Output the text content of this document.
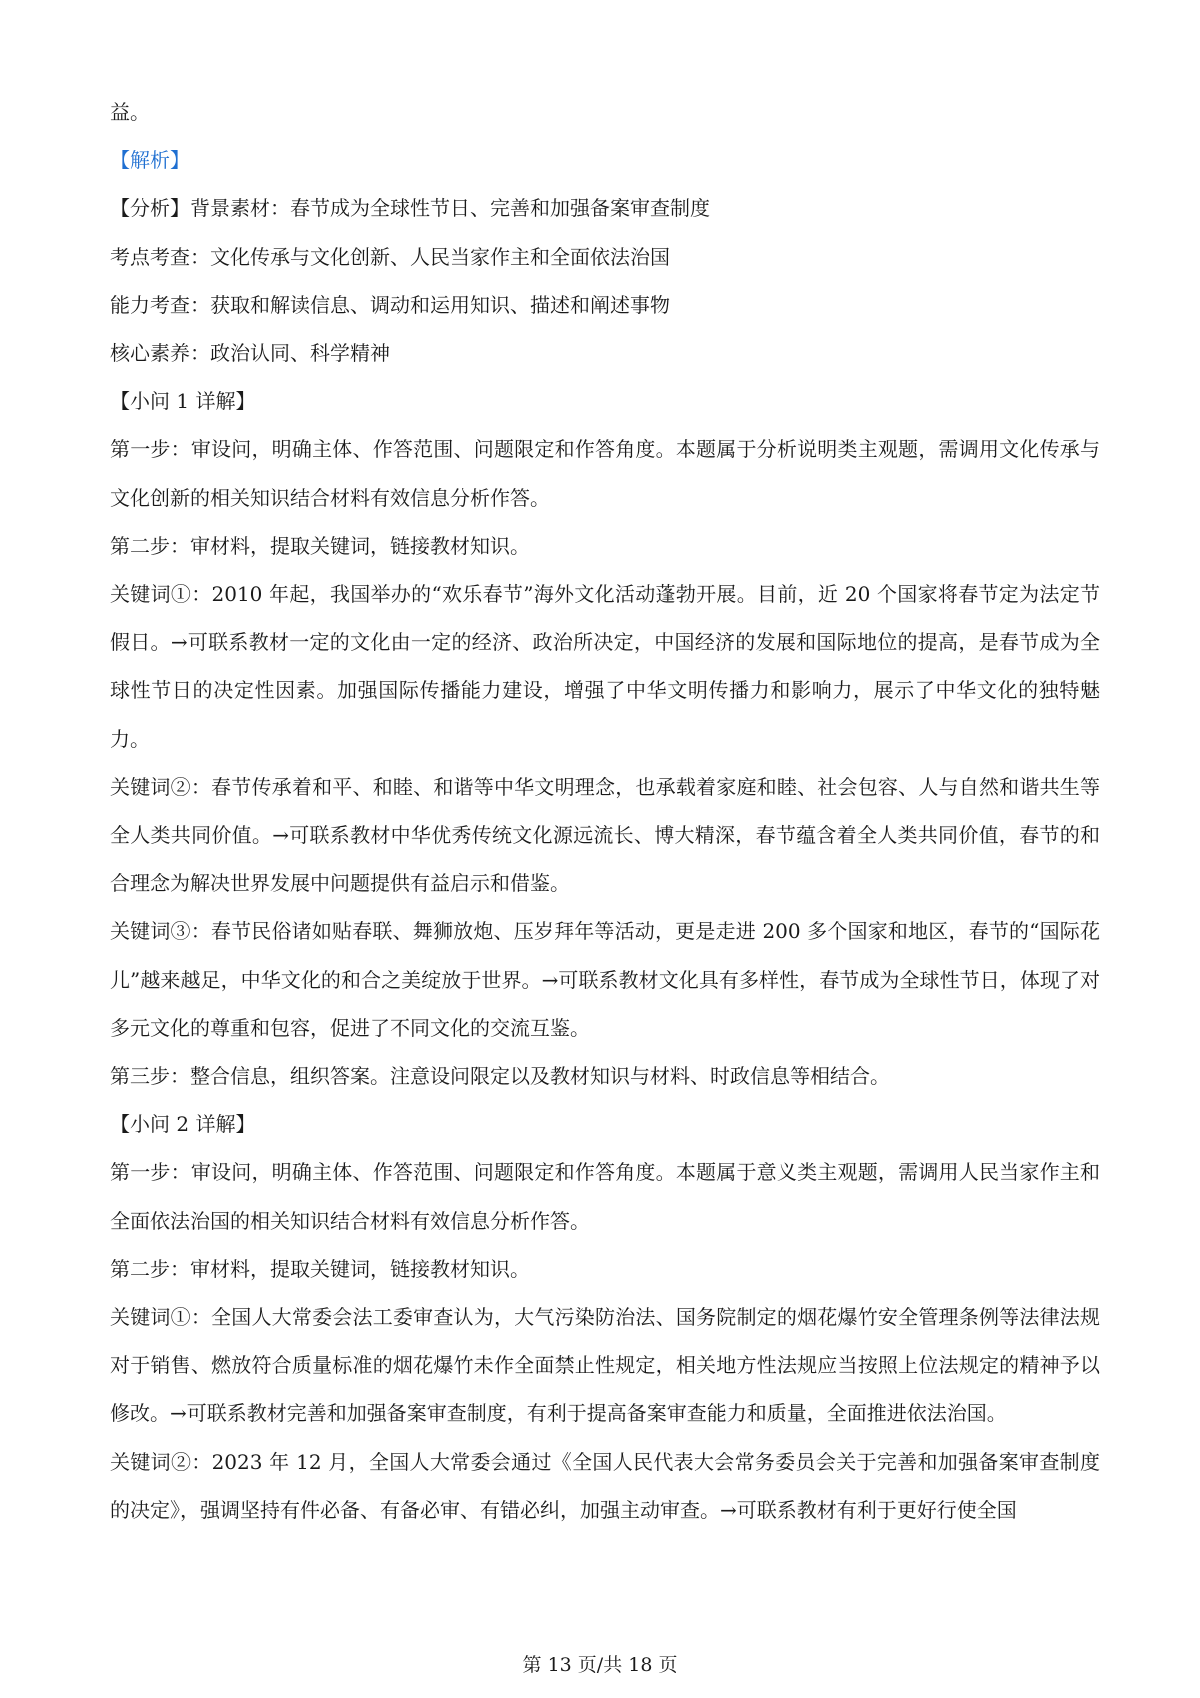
益。

【解析】

【分析】背景素材：春节成为全球性节日、完善和加强备案审查制度

考点考查：文化传承与文化创新、人民当家作主和全面依法治国

能力考查：获取和解读信息、调动和运用知识、描述和阐述事物

核心素养：政治认同、科学精神

【小问 1 详解】

第一步：审设问，明确主体、作答范围、问题限定和作答角度。本题属于分析说明类主观题，需调用文化传承与文化创新的相关知识结合材料有效信息分析作答。

第二步：审材料，提取关键词，链接教材知识。

关键词①：2010 年起，我国举办的“欢乐春节”海外文化活动蓬勃开展。目前，近 20 个国家将春节定为法定节假日。→可联系教材一定的文化由一定的经济、政治所决定，中国经济的发展和国际地位的提高，是春节成为全球性节日的决定性因素。加强国际传播能力建设，增强了中华文明传播力和影响力，展示了中华文化的独特魅力。

关键词②：春节传承着和平、和睦、和谐等中华文明理念，也承载着家庭和睦、社会包容、人与自然和谐共生等全人类共同价值。→可联系教材中华优秀传统文化源远流长、博大精深，春节蕴含着全人类共同价值，春节的和合理念为解决世界发展中问题提供有益启示和借鉴。

关键词③：春节民俗诸如贴春联、舞狮放炮、压岁拜年等活动，更是走进 200 多个国家和地区，春节的“国际花儿”越来越足，中华文化的和合之美绽放于世界。→可联系教材文化具有多样性，春节成为全球性节日，体现了对多元文化的尊重和包容，促进了不同文化的交流互鉴。

第三步：整合信息，组织答案。注意设问限定以及教材知识与材料、时政信息等相结合。

【小问 2 详解】

第一步：审设问，明确主体、作答范围、问题限定和作答角度。本题属于意义类主观题，需调用人民当家作主和全面依法治国的相关知识结合材料有效信息分析作答。

第二步：审材料，提取关键词，链接教材知识。

关键词①：全国人大常委会法工委审查认为，大气污染防治法、国务院制定的烟花爆竹安全管理条例等法律法规对于销售、燃放符合质量标准的烟花爆竹未作全面禁止性规定，相关地方性法规应当按照上位法规定的精神予以修改。→可联系教材完善和加强备案审查制度，有利于提高备案审查能力和质量，全面推进依法治国。

关键词②：2023 年 12 月，全国人大常委会通过《全国人民代表大会常务委员会关于完善和加强备案审查制度的决定》，强调坚持有件必备、有备必审、有错必纠，加强主动审查。→可联系教材有利于更好行使全国

第 13 页/共 18 页
